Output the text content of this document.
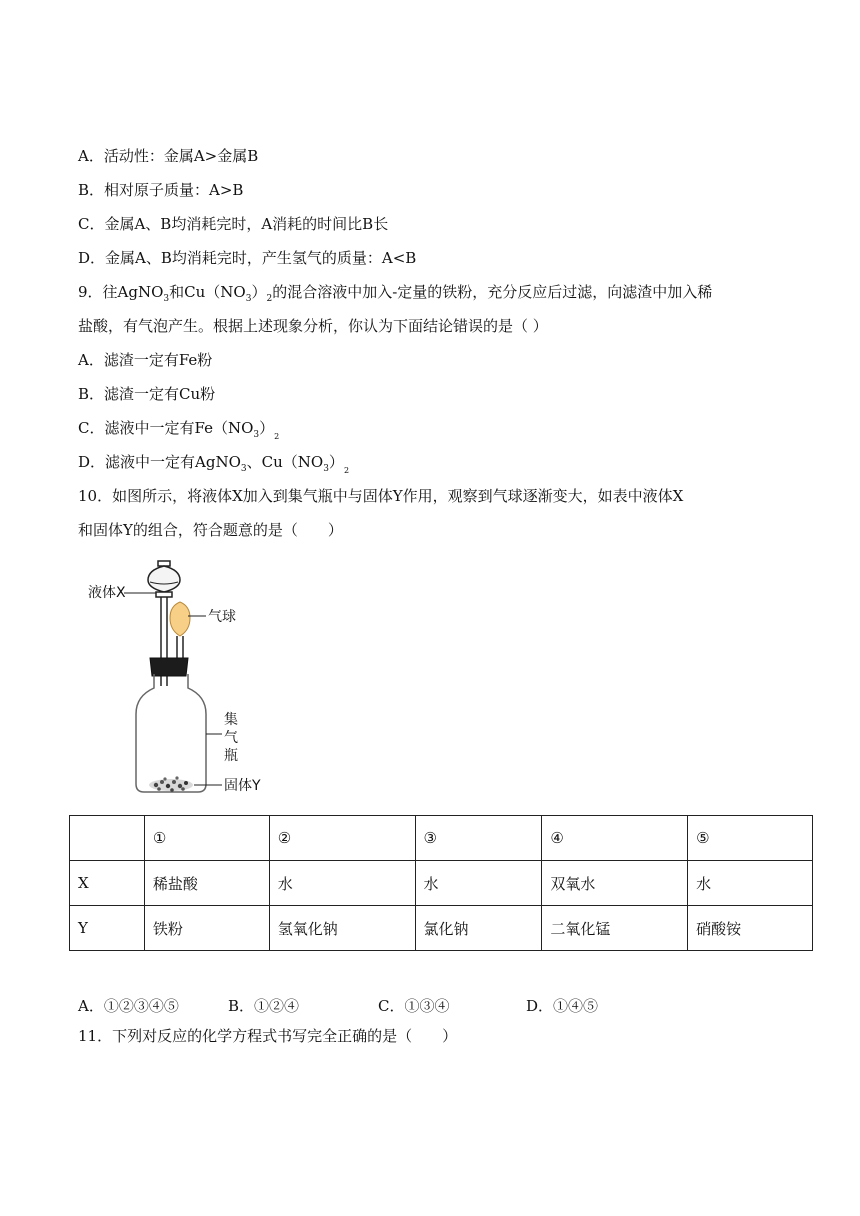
A．活动性：金属A>金属B
B．相对原子质量：A>B
C．金属A、B均消耗完时，A消耗的时间比B长
D．金属A、B均消耗完时，产生氢气的质量：A<B
9．往AgNO$_3$和$Cu(NO_3)_2$的混合溶液中加入-定量的铁粉，充分反应后过滤，向滤渣中加入稀
盐酸，有气泡产生。根据上述现象分析，你认为下面结论错误的是（ ）
A．滤渣一定有Fe粉
B．滤渣一定有Cu粉
C．滤液中一定有$Fe(NO_3)_2$
D．滤液中一定有AgNO$_3$、$Cu(NO_3)_2$
10．如图所示，将液体X加入到集气瓶中与固体Y作用，观察到气球逐渐变大，如表中液体X
和固体Y的组合，符合题意的是（　　）
液体X
气球
集
气
瓶
固体Y
	①	②	③	④	⑤
X	稀盐酸	水	水	双氧水	水
Y	铁粉	氢氧化钠	氯化钠	二氧化锰	硝酸铵
A．①②③④⑤	B．①②④	C．①③④	D．①④⑤
11．下列对反应的化学方程式书写完全正确的是（　　）
